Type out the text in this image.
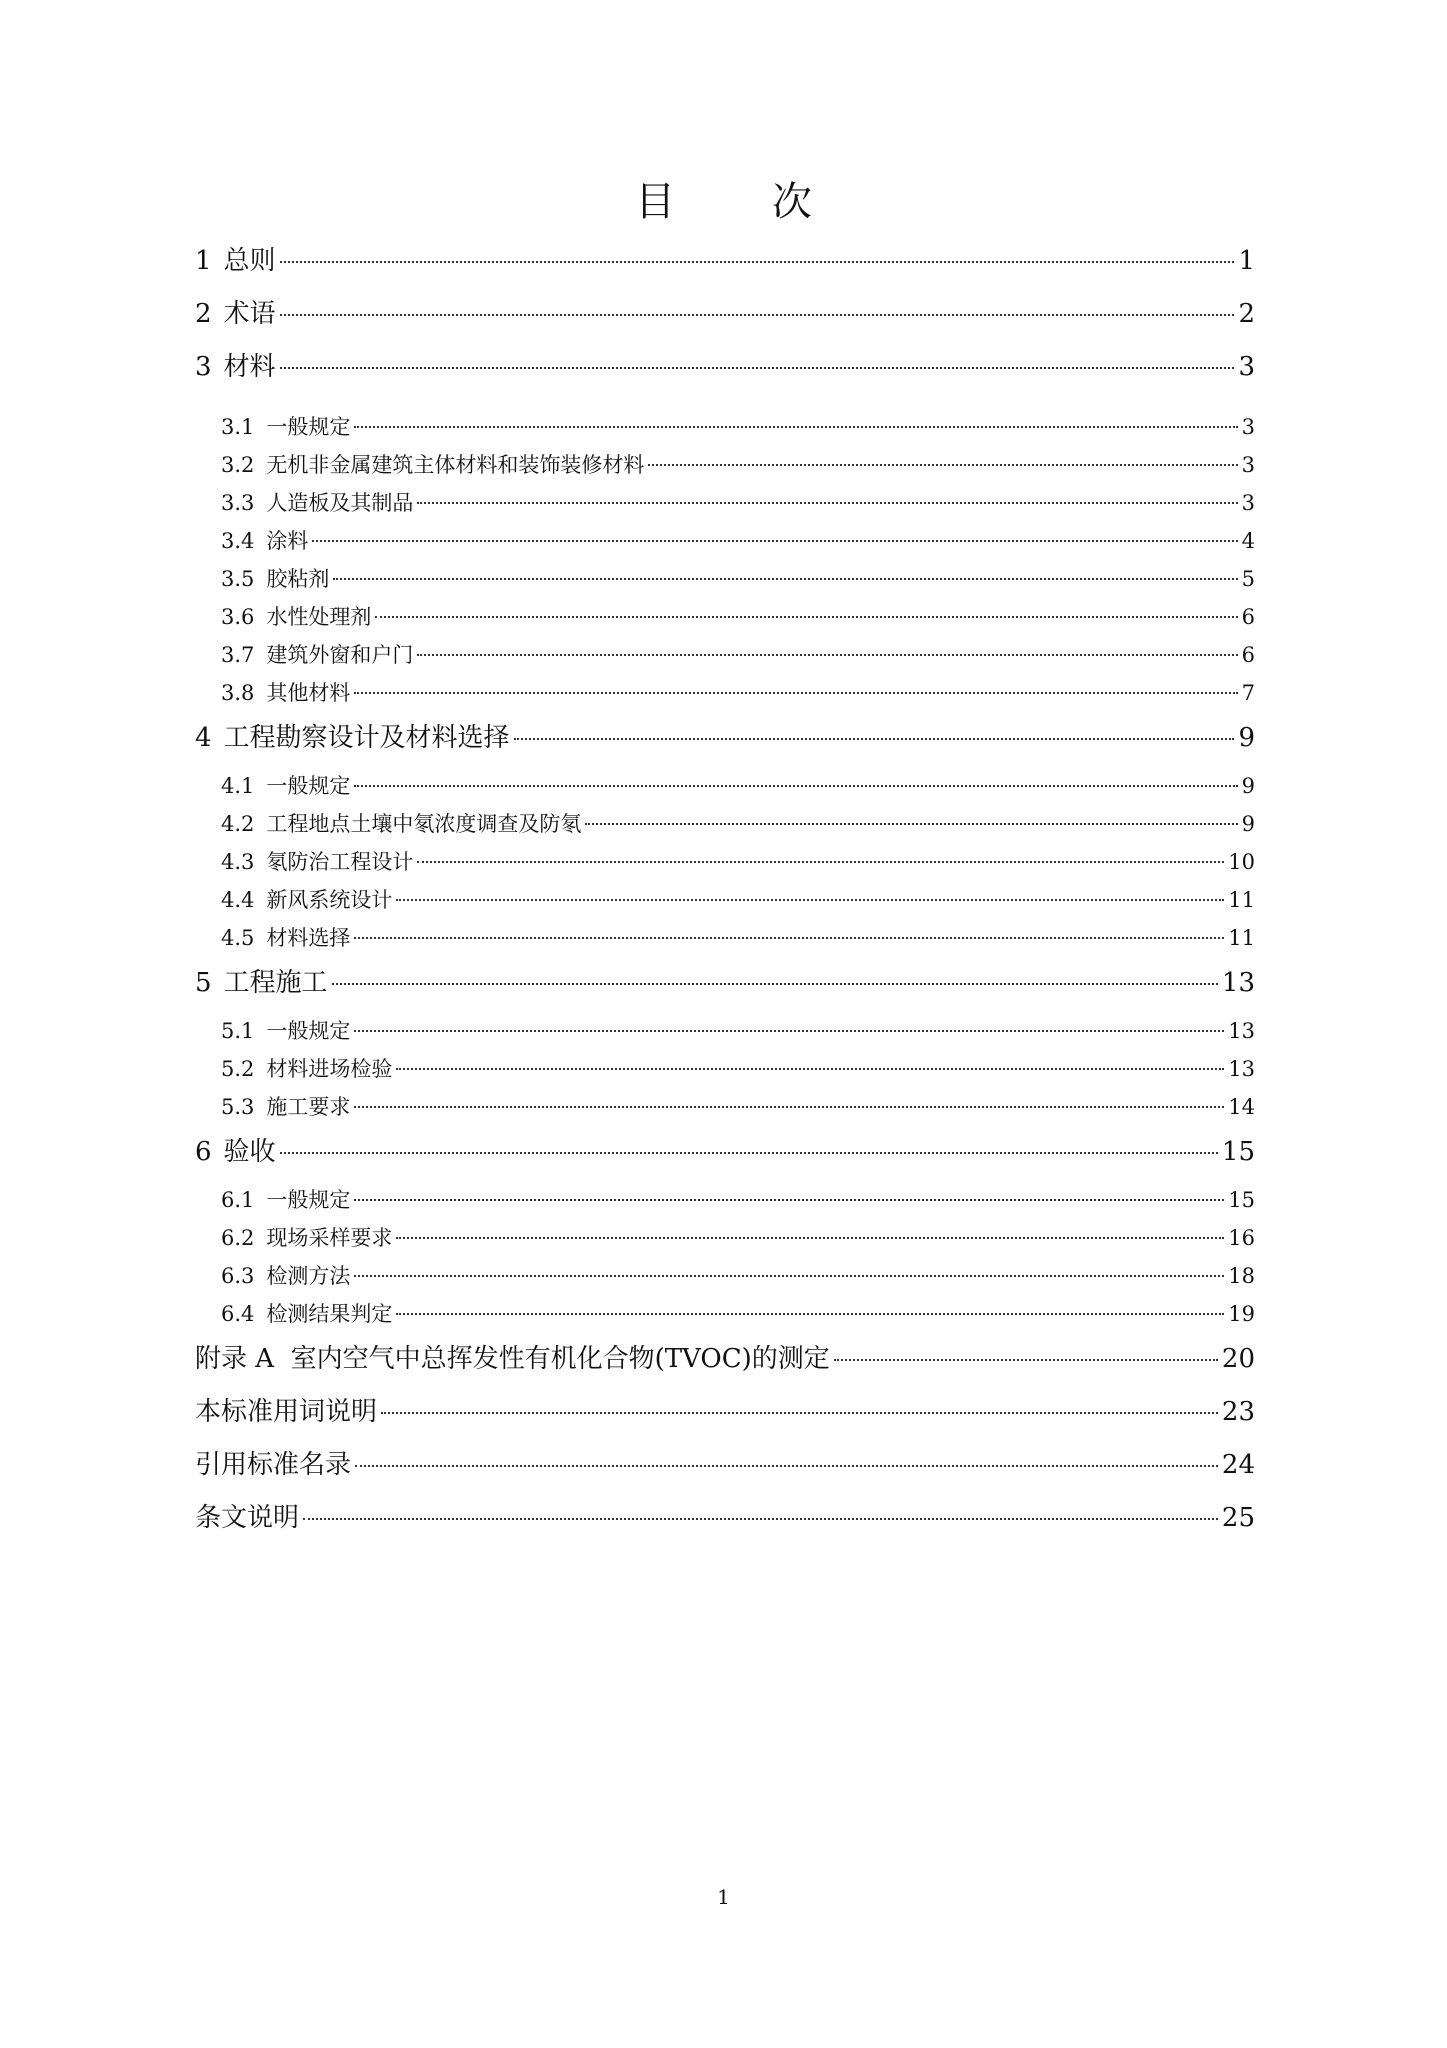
目 次
1 总则	1
2 术语	2
3 材料	3
3.1 一般规定	3
3.2 无机非金属建筑主体材料和装饰装修材料	3
3.3 人造板及其制品	3
3.4 涂料	4
3.5 胶粘剂	5
3.6 水性处理剂	6
3.7 建筑外窗和户门	6
3.8 其他材料	7
4 工程勘察设计及材料选择	9
4.1 一般规定	9
4.2 工程地点土壤中氡浓度调查及防氡	9
4.3 氡防治工程设计	10
4.4 新风系统设计	11
4.5 材料选择	11
5 工程施工	13
5.1 一般规定	13
5.2 材料进场检验	13
5.3 施工要求	14
6 验收	15
6.1 一般规定	15
6.2 现场采样要求	16
6.3 检测方法	18
6.4 检测结果判定	19
附录 A  室内空气中总挥发性有机化合物(TVOC)的测定	20
本标准用词说明	23
引用标准名录	24
条文说明	25
1
